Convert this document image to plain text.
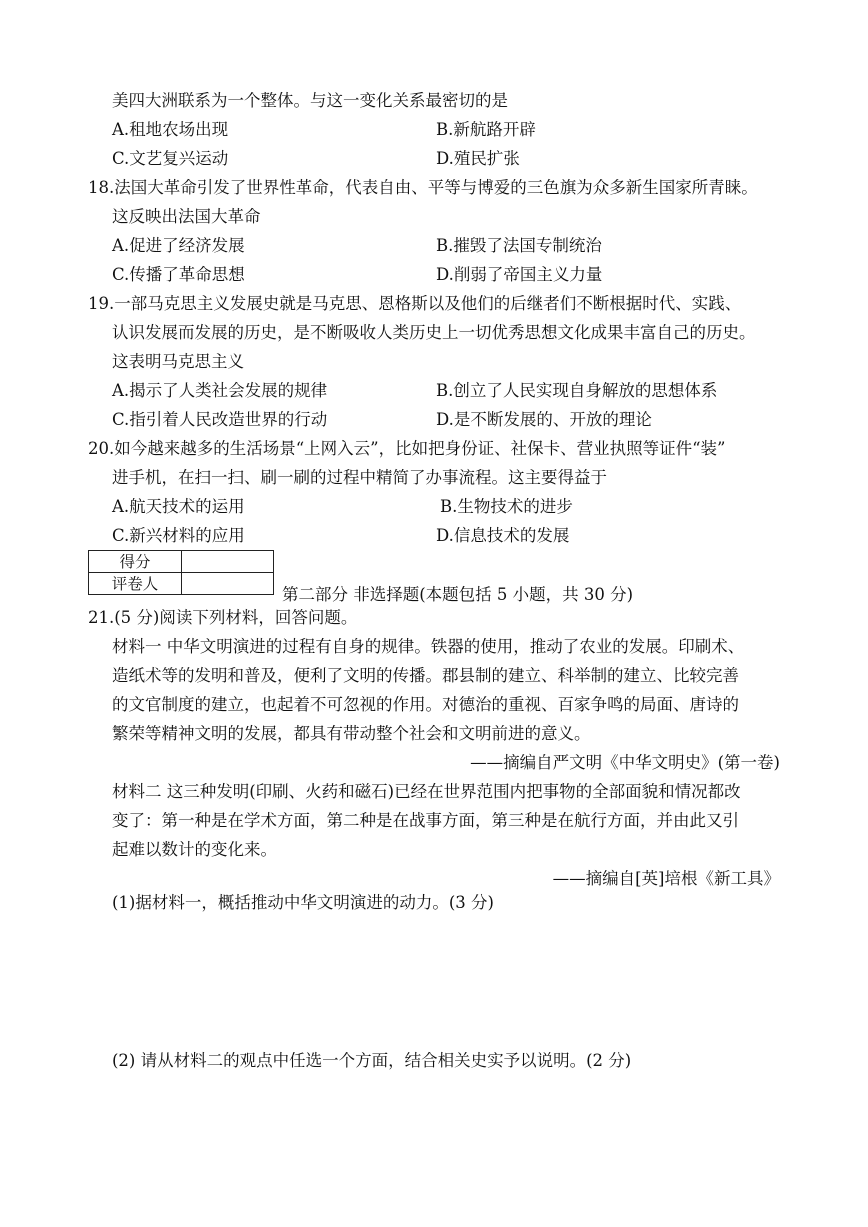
美四大洲联系为一个整体。与这一变化关系最密切的是
A.租地农场出现	B.新航路开辟
C.文艺复兴运动	D.殖民扩张
18.法国大革命引发了世界性革命，代表自由、平等与博爱的三色旗为众多新生国家所青睐。
这反映出法国大革命
A.促进了经济发展	B.摧毁了法国专制统治
C.传播了革命思想	D.削弱了帝国主义力量
19.一部马克思主义发展史就是马克思、恩格斯以及他们的后继者们不断根据时代、实践、
认识发展而发展的历史，是不断吸收人类历史上一切优秀思想文化成果丰富自己的历史。
这表明马克思主义
A.揭示了人类社会发展的规律	B.创立了人民实现自身解放的思想体系
C.指引着人民改造世界的行动	D.是不断发展的、开放的理论
20.如今越来越多的生活场景“上网入云”，比如把身份证、社保卡、营业执照等证件“装”
进手机，在扫一扫、刷一刷的过程中精简了办事流程。这主要得益于
A.航天技术的运用	B.生物技术的进步
C.新兴材料的应用	D.信息技术的发展
得分	
评卷人	
第二部分 非选择题(本题包括 5 小题，共 30 分)
21.(5 分)阅读下列材料，回答问题。
材料一 中华文明演进的过程有自身的规律。铁器的使用，推动了农业的发展。印刷术、
造纸术等的发明和普及，便利了文明的传播。郡县制的建立、科举制的建立、比较完善
的文官制度的建立，也起着不可忽视的作用。对德治的重视、百家争鸣的局面、唐诗的
繁荣等精神文明的发展，都具有带动整个社会和文明前进的意义。
——摘编自严文明《中华文明史》(第一卷)
材料二 这三种发明(印刷、火药和磁石)已经在世界范围内把事物的全部面貌和情况都改
变了：第一种是在学术方面，第二种是在战事方面，第三种是在航行方面，并由此又引
起难以数计的变化来。
——摘编自[英]培根《新工具》
(1)据材料一，概括推动中华文明演进的动力。(3 分)
(2) 请从材料二的观点中任选一个方面，结合相关史实予以说明。(2 分)
